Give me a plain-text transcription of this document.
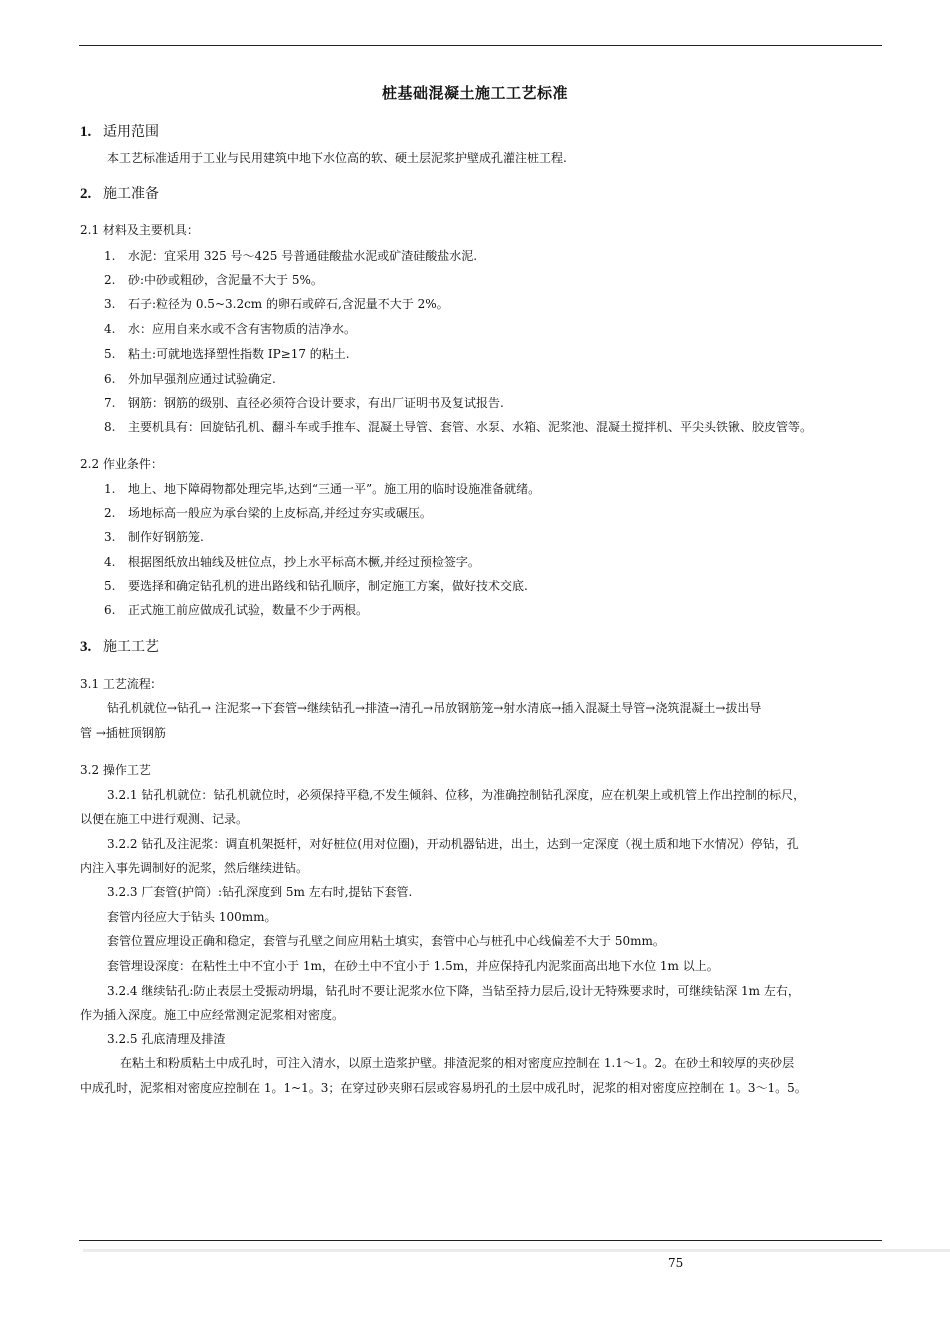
桩基础混凝土施工工艺标准
1. 适用范围
本工艺标准适用于工业与民用建筑中地下水位高的软、硬土层泥浆护壁成孔灌注桩工程.
2. 施工准备
2.1 材料及主要机具：
1. 水泥：宜采用 325 号～425 号普通硅酸盐水泥或矿渣硅酸盐水泥.
2. 砂:中砂或粗砂，含泥量不大于 5%。
3. 石子:粒径为 0.5~3.2cm 的卵石或碎石,含泥量不大于 2%。
4. 水：应用自来水或不含有害物质的洁净水。
5. 粘土:可就地选择塑性指数 IP≥17 的粘土.
6. 外加早强剂应通过试验确定.
7. 钢筋：钢筋的级别、直径必须符合设计要求，有出厂证明书及复试报告.
8. 主要机具有：回旋钻孔机、翻斗车或手推车、混凝土导管、套管、水泵、水箱、泥浆池、混凝土搅拌机、平尖头铁锹、胶皮管等。
2.2 作业条件：
1. 地上、地下障碍物都处理完毕,达到“三通一平”。施工用的临时设施准备就绪。
2. 场地标高一般应为承台梁的上皮标高,并经过夯实或碾压。
3. 制作好钢筋笼.
4. 根据图纸放出轴线及桩位点，抄上水平标高木橛,并经过预检签字。
5. 要选择和确定钻孔机的进出路线和钻孔顺序，制定施工方案，做好技术交底.
6. 正式施工前应做成孔试验，数量不少于两根。
3. 施工工艺
3.1 工艺流程:
钻孔机就位→钻孔→ 注泥浆→下套管→继续钻孔→排渣→清孔→吊放钢筋笼→射水清底→插入混凝土导管→浇筑混凝土→拔出导
管 →插桩顶钢筋
3.2 操作工艺
3.2.1 钻孔机就位：钻孔机就位时，必须保持平稳,不发生倾斜、位移，为准确控制钻孔深度，应在机架上或机管上作出控制的标尺，
以便在施工中进行观测、记录。
3.2.2 钻孔及注泥浆：调直机架挺杆，对好桩位(用对位圈)，开动机器钻进，出土，达到一定深度（视土质和地下水情况）停钻，孔
内注入事先调制好的泥浆，然后继续进钻。
3.2.3 厂套管(护筒）:钻孔深度到 5m 左右时,提钻下套管.
套管内径应大于钻头 100mm。
套管位置应埋设正确和稳定，套管与孔壁之间应用粘土填实，套管中心与桩孔中心线偏差不大于 50mm。
套管埋设深度：在粘性土中不宜小于 1m，在砂土中不宜小于 1.5m，并应保持孔内泥浆面高出地下水位 1m 以上。
3.2.4 继续钻孔:防止表层土受振动坍塌，钻孔时不要让泥浆水位下降，当钻至持力层后,设计无特殊要求时，可继续钻深 1m 左右，
作为插入深度。施工中应经常测定泥浆相对密度。
3.2.5 孔底清理及排渣
在粘土和粉质粘土中成孔时，可注入清水，以原土造浆护壁。排渣泥浆的相对密度应控制在 1.1～1。2。在砂土和较厚的夹砂层
中成孔时，泥浆相对密度应控制在 1。1~1。3；在穿过砂夹卵石层或容易坍孔的土层中成孔时，泥浆的相对密度应控制在 1。3～1。5。
75
